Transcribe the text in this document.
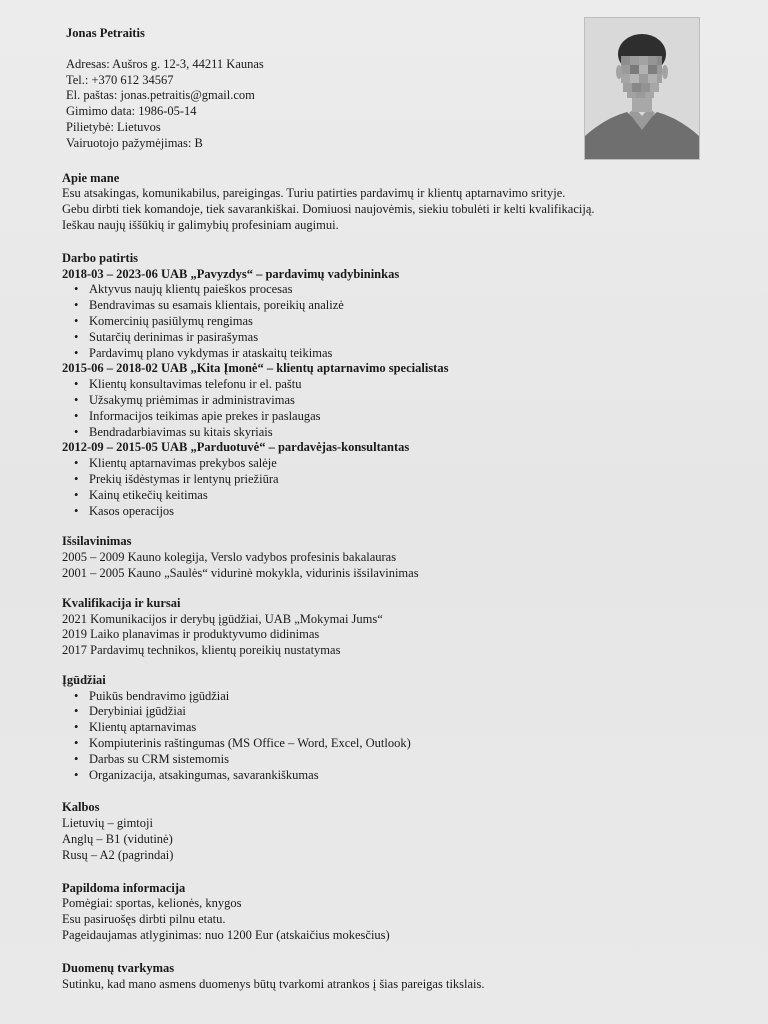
Jonas Petraitis
Adresas: Aušros g. 12-3, 44211 Kaunas
Tel.: +370 612 34567
El. paštas: jonas.petraitis@gmail.com
Gimimo data: 1986-05-14
Pilietybė: Lietuvos
Vairuotojo pažymėjimas: B
Apie mane
Esu atsakingas, komunikabilus, pareigingas. Turiu patirties pardavimų ir klientų aptarnavimo srityje.
Gebu dirbti tiek komandoje, tiek savarankiškai. Domiuosi naujovėmis, siekiu tobulėti ir kelti kvalifikaciją.
Ieškau naujų iššūkių ir galimybių profesiniam augimui.
Darbo patirtis
2018-03 – 2023-06 UAB „Pavyzdys“ – pardavimų vadybininkas
• Aktyvus naujų klientų paieškos procesas
• Bendravimas su esamais klientais, poreikių analizė
• Komercinių pasiūlymų rengimas
• Sutarčių derinimas ir pasirašymas
• Pardavimų plano vykdymas ir ataskaitų teikimas
2015-06 – 2018-02 UAB „Kita Įmonė“ – klientų aptarnavimo specialistas
• Klientų konsultavimas telefonu ir el. paštu
• Užsakymų priėmimas ir administravimas
• Informacijos teikimas apie prekes ir paslaugas
• Bendradarbiavimas su kitais skyriais
2012-09 – 2015-05 UAB „Parduotuvė“ – pardavėjas-konsultantas
• Klientų aptarnavimas prekybos salėje
• Prekių išdėstymas ir lentynų priežiūra
• Kainų etikečių keitimas
• Kasos operacijos
Išsilavinimas
2005 – 2009 Kauno kolegija, Verslo vadybos profesinis bakalauras
2001 – 2005 Kauno „Saulės“ vidurinė mokykla, vidurinis išsilavinimas
Kvalifikacija ir kursai
2021 Komunikacijos ir derybų įgūdžiai, UAB „Mokymai Jums“
2019 Laiko planavimas ir produktyvumo didinimas
2017 Pardavimų technikos, klientų poreikių nustatymas
Įgūdžiai
• Puikūs bendravimo įgūdžiai
• Derybiniai įgūdžiai
• Klientų aptarnavimas
• Kompiuterinis raštingumas (MS Office – Word, Excel, Outlook)
• Darbas su CRM sistemomis
• Organizacija, atsakingumas, savarankiškumas
Kalbos
Lietuvių – gimtoji
Anglų – B1 (vidutinė)
Rusų – A2 (pagrindai)
Papildoma informacija
Pomėgiai: sportas, kelionės, knygos
Esu pasiruošęs dirbti pilnu etatu.
Pageidaujamas atlyginimas: nuo 1200 Eur (atskaičius mokesčius)
Duomenų tvarkymas
Sutinku, kad mano asmens duomenys būtų tvarkomi atrankos į šias pareigas tikslais.
